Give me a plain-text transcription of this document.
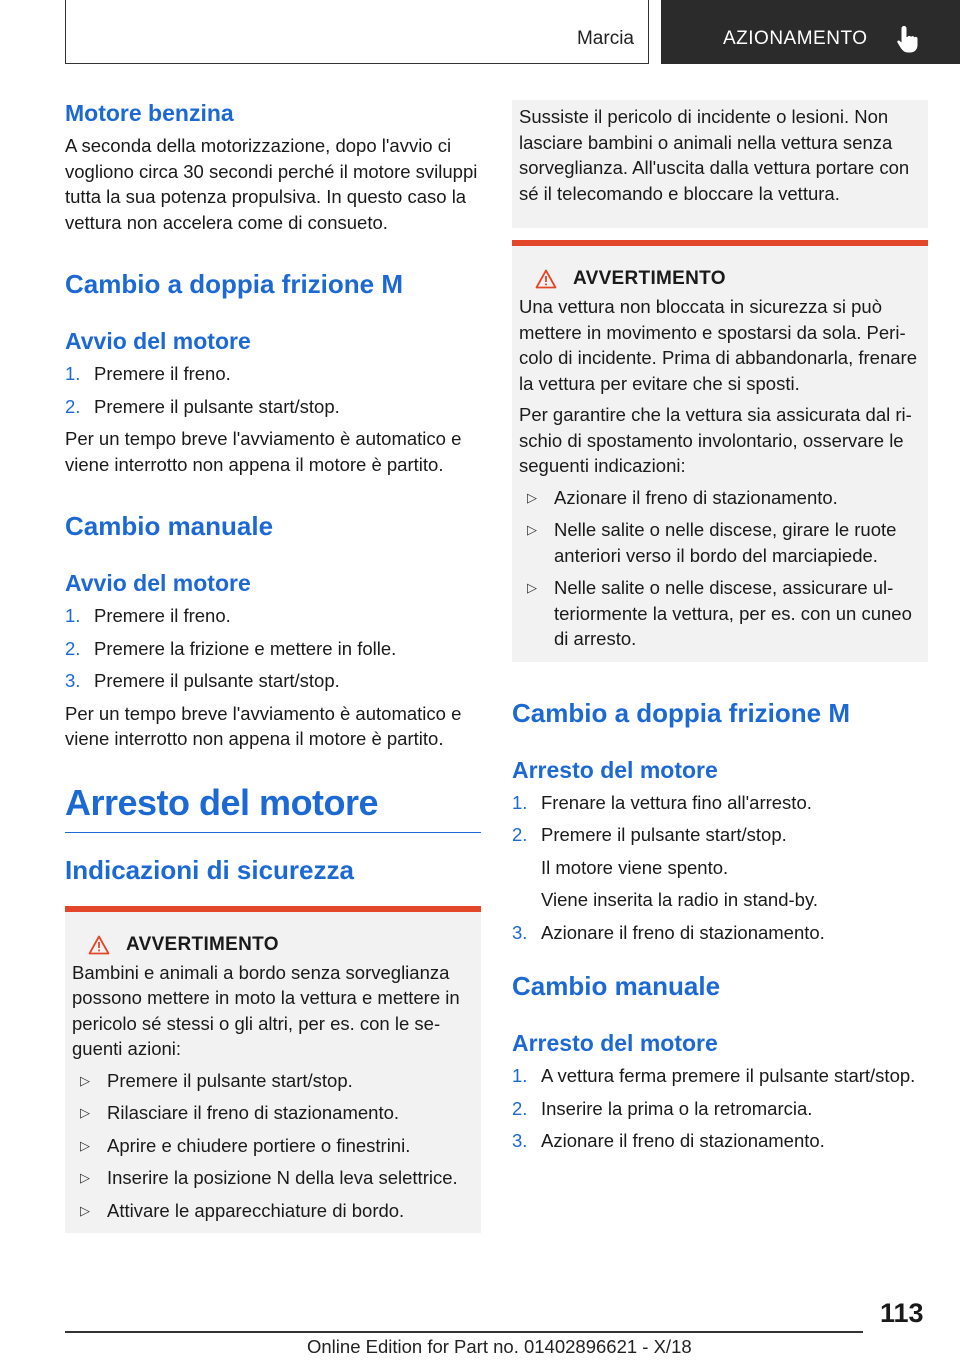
Marcia	AZIONAMENTO
Motore benzina

A seconda della motorizzazione, dopo l'avvio ci vogliono circa 30 secondi perché il motore sviluppi tutta la sua potenza propulsiva. In questo caso la vettura non accelera come di consueto.

Cambio a doppia frizione M
Avvio del motore
1. Premere il freno.
2. Premere il pulsante start/stop.

Per un tempo breve l'avviamento è automatico e viene interrotto non appena il motore è partito.

Cambio manuale
Avvio del motore
1. Premere il freno.
2. Premere la frizione e mettere in folle.
3. Premere il pulsante start/stop.

Per un tempo breve l'avviamento è automatico e viene interrotto non appena il motore è partito.

Arresto del motore
Indicazioni di sicurezza
AVVERTIMENTO

Bambini e animali a bordo senza sorveglianza possono mettere in moto la vettura e mettere in pericolo sé stessi o gli altri, per es. con le seguenti azioni:

▷ Premere il pulsante start/stop.
▷ Rilasciare il freno di stazionamento.
▷ Aprire e chiudere portiere o finestrini.
▷ Inserire la posizione N della leva selettrice.
▷ Attivare le apparecchiature di bordo.

Sussiste il pericolo di incidente o lesioni. Non lasciare bambini o animali nella vettura senza sorveglianza. All'uscita dalla vettura portare con sé il telecomando e bloccare la vettura.

AVVERTIMENTO

Una vettura non bloccata in sicurezza si può mettere in movimento e spostarsi da sola. Pericolo di incidente. Prima di abbandonarla, frenare la vettura per evitare che si sposti.

Per garantire che la vettura sia assicurata dal rischio di spostamento involontario, osservare le seguenti indicazioni:

▷ Azionare il freno di stazionamento.
▷ Nelle salite o nelle discese, girare le ruote anteriori verso il bordo del marciapiede.
▷ Nelle salite o nelle discese, assicurare ulteriormente la vettura, per es. con un cuneo di arresto.
Cambio a doppia frizione M
Arresto del motore
1. Frenare la vettura fino all'arresto.
2. Premere il pulsante start/stop.
Il motore viene spento.
Viene inserita la radio in stand-by.
3. Azionare il freno di stazionamento.
Cambio manuale
Arresto del motore
1. A vettura ferma premere il pulsante start/stop.
2. Inserire la prima o la retromarcia.
3. Azionare il freno di stazionamento.
113
Online Edition for Part no. 01402896621 - X/18
